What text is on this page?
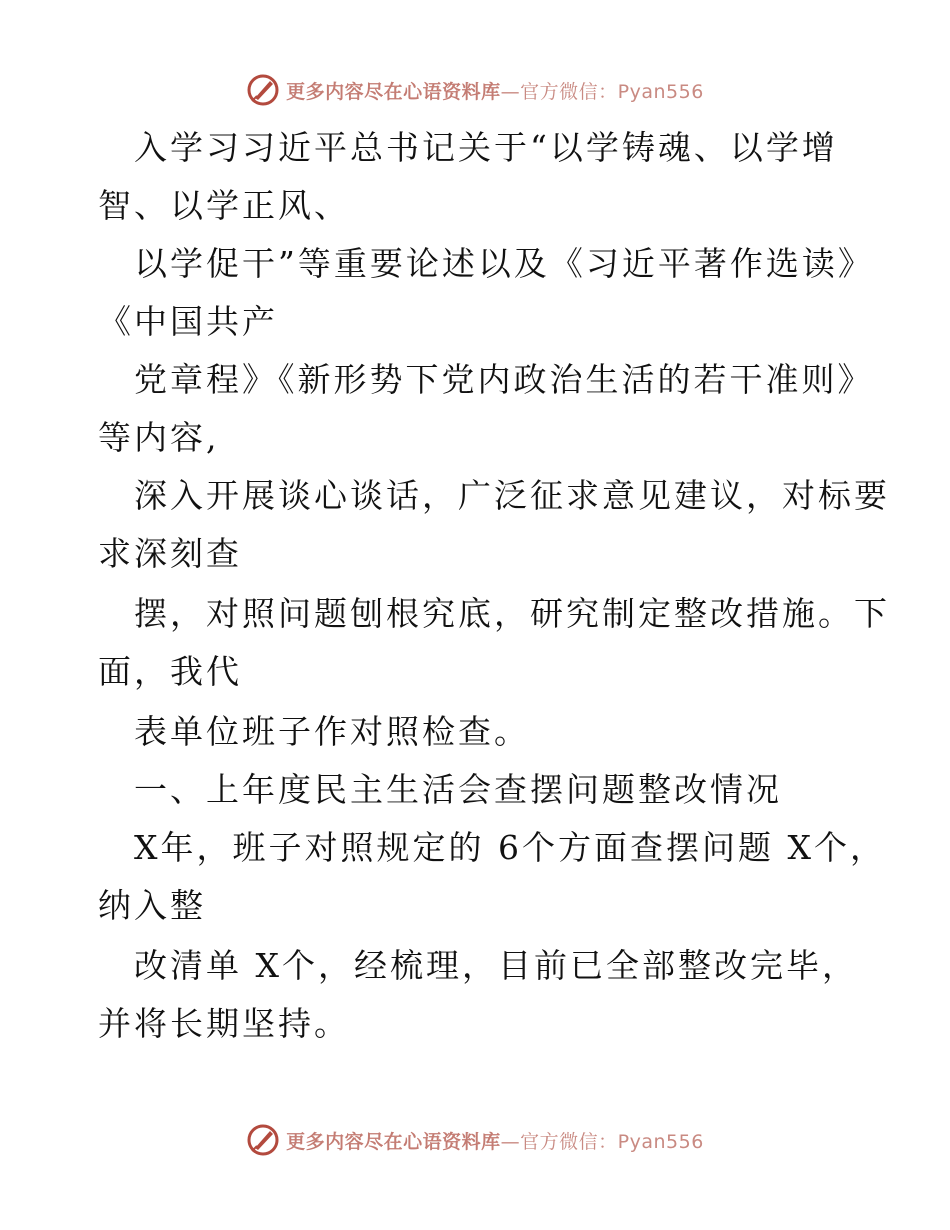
更多内容尽在心语资料库—官方微信：Pyan556
入学习习近平总书记关于“以学铸魂、以学增
智、以学正风、
以学促干”等重要论述以及《习近平著作选读》
《中国共产
党章程》《新形势下党内政治生活的若干准则》
等内容,
深入开展谈心谈话，广泛征求意见建议，对标要
求深刻查
摆，对照问题刨根究底，研究制定整改措施。下
面，我代
表单位班子作对照检查。
一、上年度民主生活会查摆问题整改情况
X年，班子对照规定的 6个方面查摆问题 X个，
纳入整
改清单 X个，经梳理，目前已全部整改完毕，
并将长期坚持。
更多内容尽在心语资料库—官方微信：Pyan556
